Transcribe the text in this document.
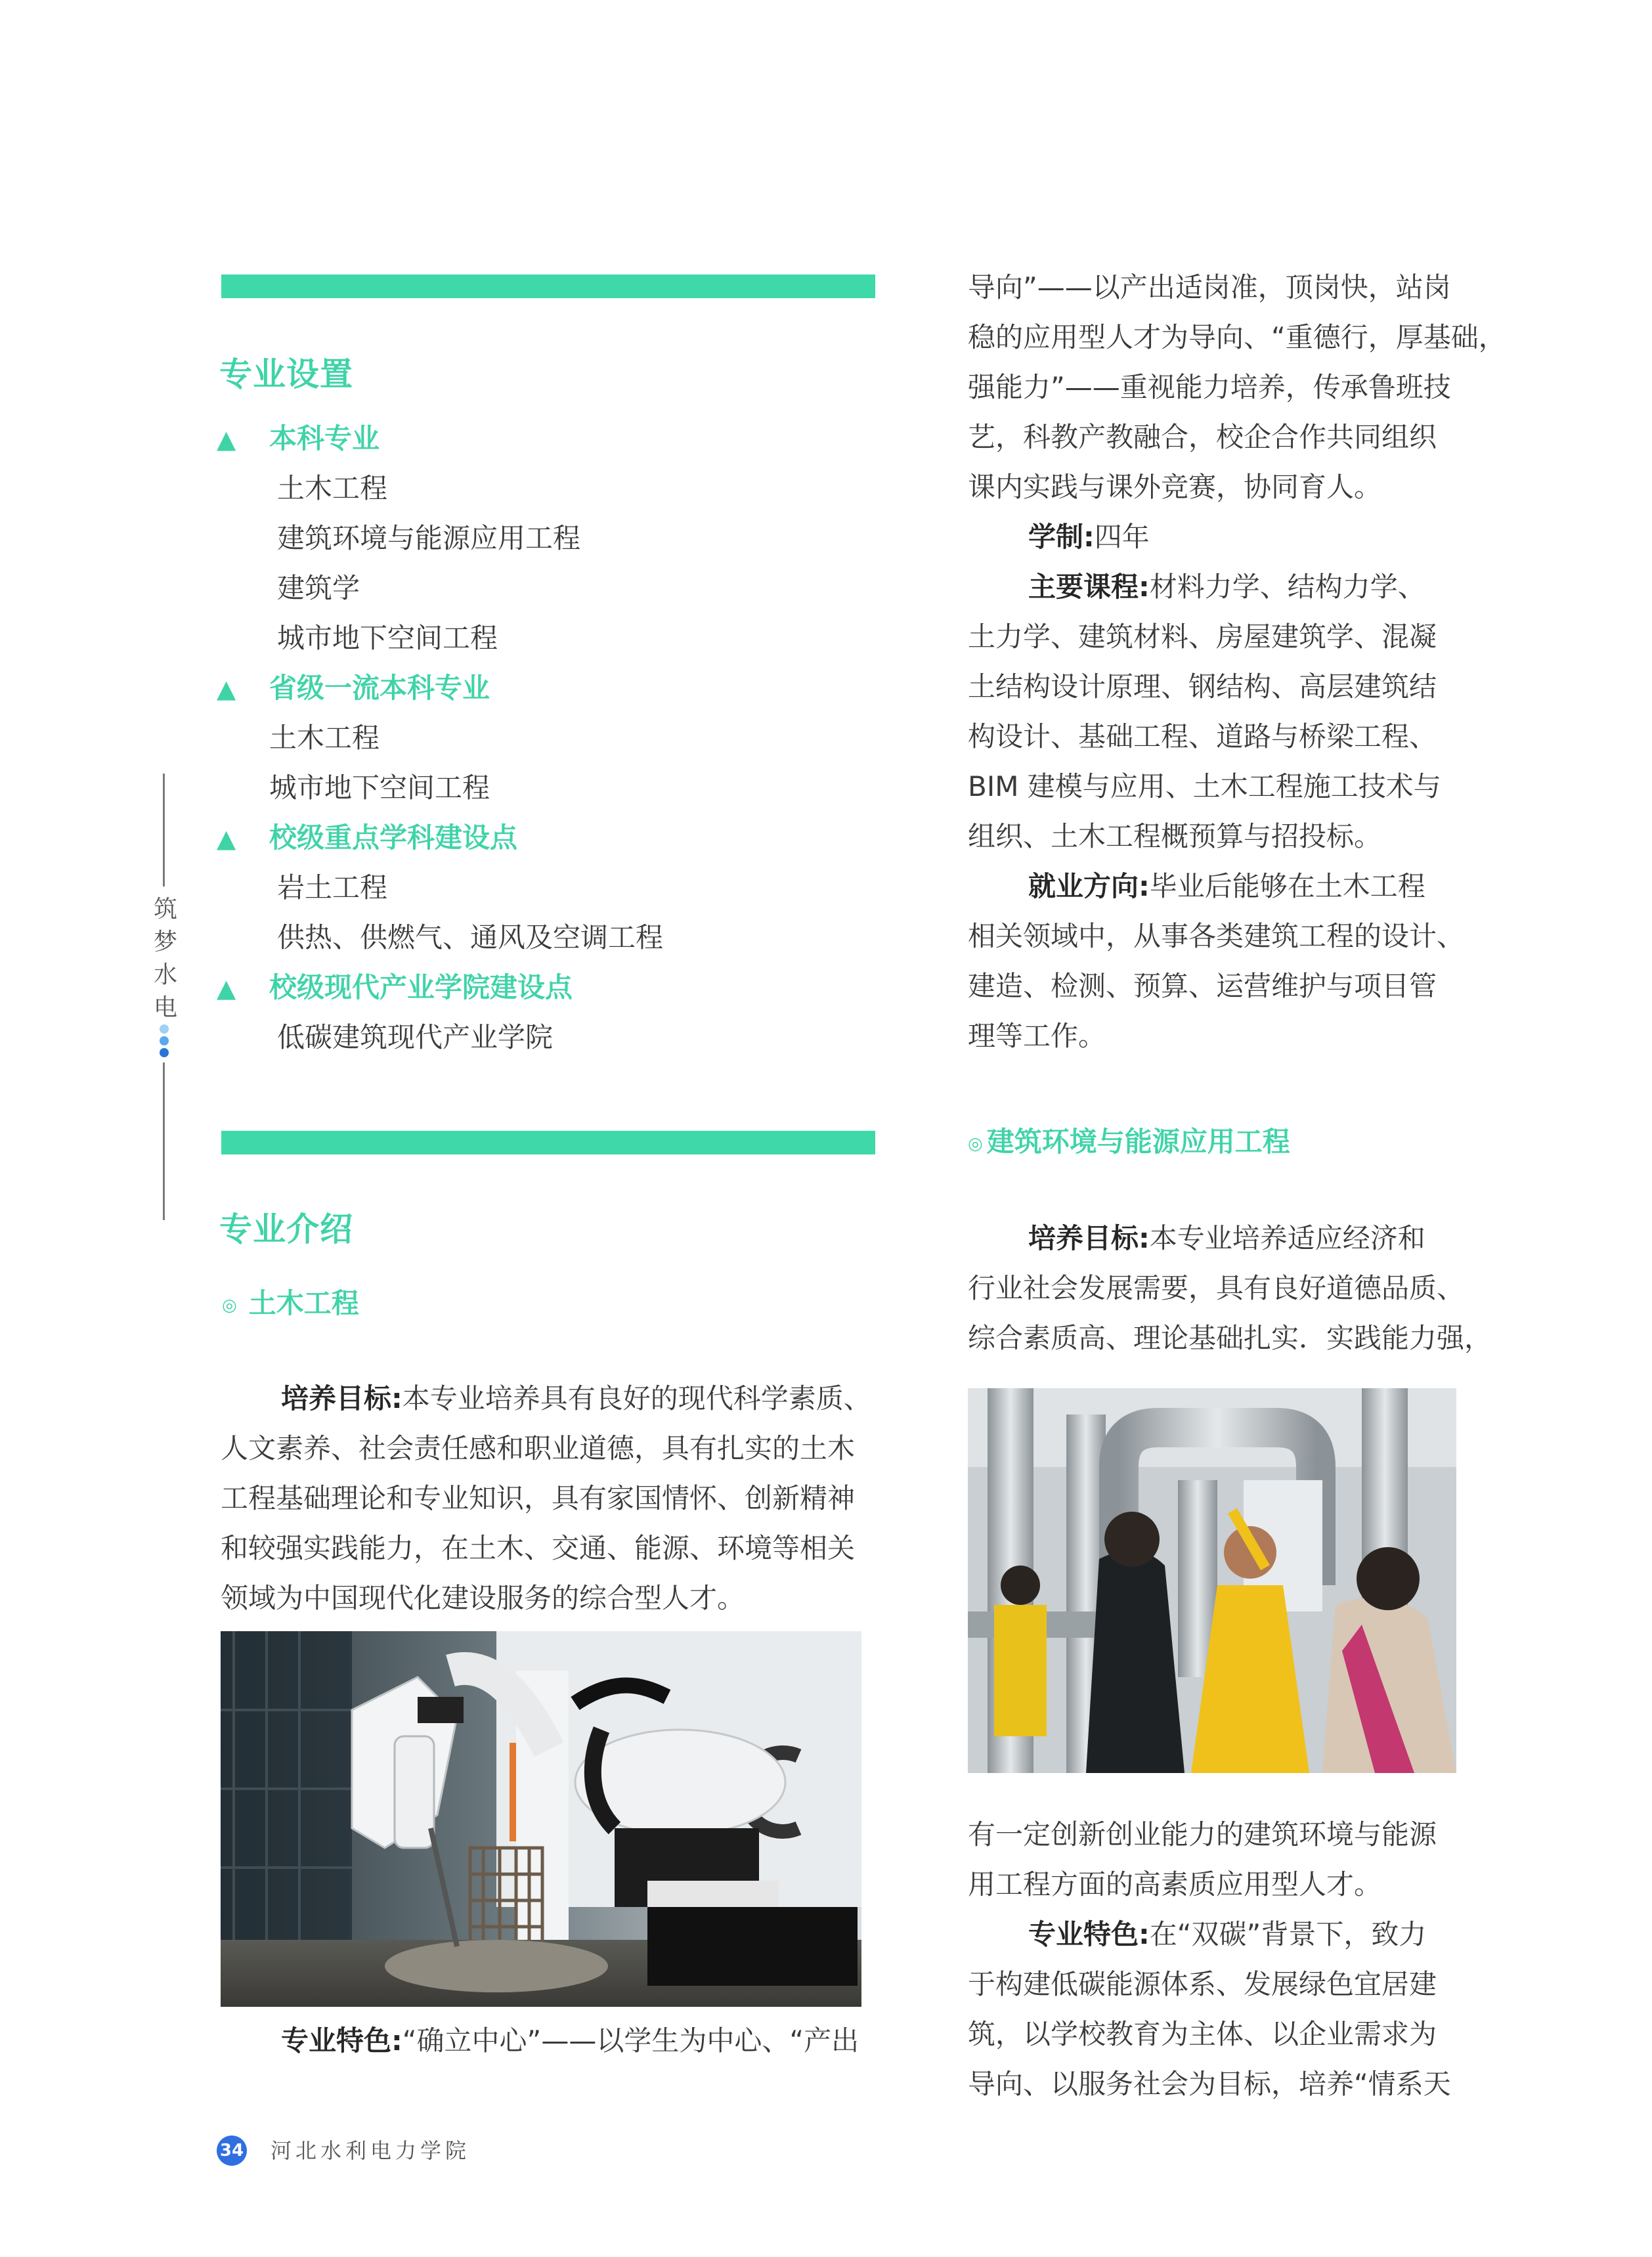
筑
梦
水
电
专业设置
▲ 本科专业
土木工程
建筑环境与能源应用工程
建筑学
城市地下空间工程
▲ 省级一流本科专业
土木工程
城市地下空间工程
▲ 校级重点学科建设点
岩土工程
供热、供燃气、通风及空调工程
▲ 校级现代产业学院建设点
低碳建筑现代产业学院
专业介绍
◎ 土木工程
培养目标:本专业培养具有良好的现代科学素质、
人文素养、社会责任感和职业道德，具有扎实的土木
工程基础理论和专业知识，具有家国情怀、创新精神
和较强实践能力，在土木、交通、能源、环境等相关
领域为中国现代化建设服务的综合型人才。
专业特色:“确立中心”——以学生为中心、“产出
导向”——以产出适岗准，顶岗快，站岗
稳的应用型人才为导向、“重德行，厚基础，
强能力”——重视能力培养，传承鲁班技
艺，科教产教融合，校企合作共同组织
课内实践与课外竞赛，协同育人。
学制:四年
主要课程:材料力学、结构力学、
土力学、建筑材料、房屋建筑学、混凝
土结构设计原理、钢结构、高层建筑结
构设计、基础工程、道路与桥梁工程、
BIM 建模与应用、土木工程施工技术与
组织、土木工程概预算与招投标。
就业方向:毕业后能够在土木工程
相关领域中，从事各类建筑工程的设计、
建造、检测、预算、运营维护与项目管
理等工作。
◎ 建筑环境与能源应用工程
培养目标:本专业培养适应经济和
行业社会发展需要，具有良好道德品质、
综合素质高、理论基础扎实．实践能力强，
有一定创新创业能力的建筑环境与能源
用工程方面的高素质应用型人才。
专业特色:在“双碳”背景下，致力
于构建低碳能源体系、发展绿色宜居建
筑，以学校教育为主体、以企业需求为
导向、以服务社会为目标，培养“情系天
34 河北水利电力学院
